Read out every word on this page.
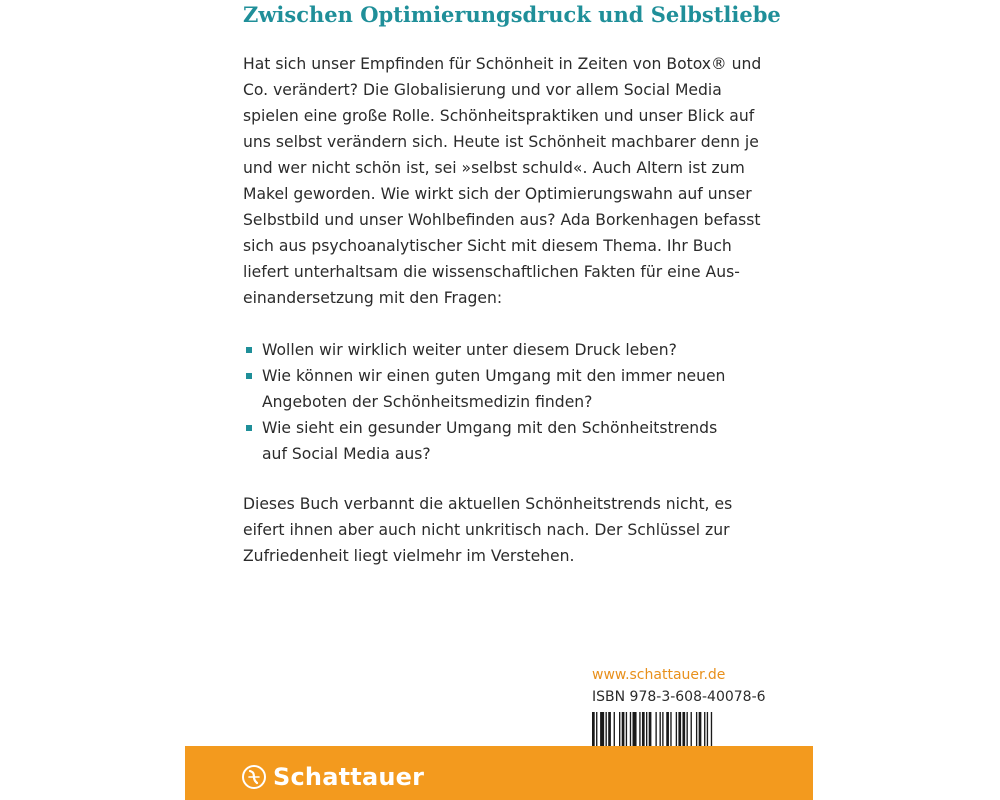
Zwischen Optimierungsdruck und Selbstliebe

Hat sich unser Empfinden für Schönheit in Zeiten von Botox® und
Co. verändert? Die Globalisierung und vor allem Social Media
spielen eine große Rolle. Schönheitspraktiken und unser Blick auf
uns selbst verändern sich. Heute ist Schönheit machbarer denn je
und wer nicht schön ist, sei »selbst schuld«. Auch Altern ist zum
Makel geworden. Wie wirkt sich der Optimierungswahn auf unser
Selbstbild und unser Wohlbefinden aus? Ada Borkenhagen befasst
sich aus psychoanalytischer Sicht mit diesem Thema. Ihr Buch
liefert unterhaltsam die wissenschaftlichen Fakten für eine Aus-
einandersetzung mit den Fragen:

Wollen wir wirklich weiter unter diesem Druck leben?
Wie können wir einen guten Umgang mit den immer neuen
Angeboten der Schönheitsmedizin finden?
Wie sieht ein gesunder Umgang mit den Schönheitstrends
auf Social Media aus?

Dieses Buch verbannt die aktuellen Schönheitstrends nicht, es
eifert ihnen aber auch nicht unkritisch nach. Der Schlüssel zur
Zufriedenheit liegt vielmehr im Verstehen.

www.schattauer.de
ISBN 978-3-608-40078-6
Schattauer
